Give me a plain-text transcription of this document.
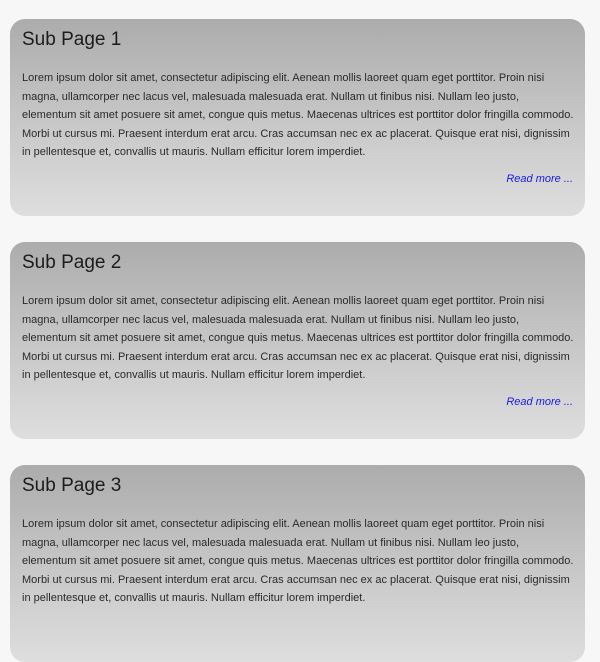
Sub Page 1

Lorem ipsum dolor sit amet, consectetur adipiscing elit. Aenean mollis laoreet quam eget porttitor. Proin nisi magna, ullamcorper nec lacus vel, malesuada malesuada erat. Nullam ut finibus nisi. Nullam leo justo, elementum sit amet posuere sit amet, congue quis metus. Maecenas ultrices est porttitor dolor fringilla commodo. Morbi ut cursus mi. Praesent interdum erat arcu. Cras accumsan nec ex ac placerat. Quisque erat nisi, dignissim in pellentesque et, convallis ut mauris. Nullam efficitur lorem imperdiet.

Read more ...
Sub Page 2

Lorem ipsum dolor sit amet, consectetur adipiscing elit. Aenean mollis laoreet quam eget porttitor. Proin nisi magna, ullamcorper nec lacus vel, malesuada malesuada erat. Nullam ut finibus nisi. Nullam leo justo, elementum sit amet posuere sit amet, congue quis metus. Maecenas ultrices est porttitor dolor fringilla commodo. Morbi ut cursus mi. Praesent interdum erat arcu. Cras accumsan nec ex ac placerat. Quisque erat nisi, dignissim in pellentesque et, convallis ut mauris. Nullam efficitur lorem imperdiet.

Read more ...
Sub Page 3

Lorem ipsum dolor sit amet, consectetur adipiscing elit. Aenean mollis laoreet quam eget porttitor. Proin nisi magna, ullamcorper nec lacus vel, malesuada malesuada erat. Nullam ut finibus nisi. Nullam leo justo, elementum sit amet posuere sit amet, congue quis metus. Maecenas ultrices est porttitor dolor fringilla commodo. Morbi ut cursus mi. Praesent interdum erat arcu. Cras accumsan nec ex ac placerat. Quisque erat nisi, dignissim in pellentesque et, convallis ut mauris. Nullam efficitur lorem imperdiet.
